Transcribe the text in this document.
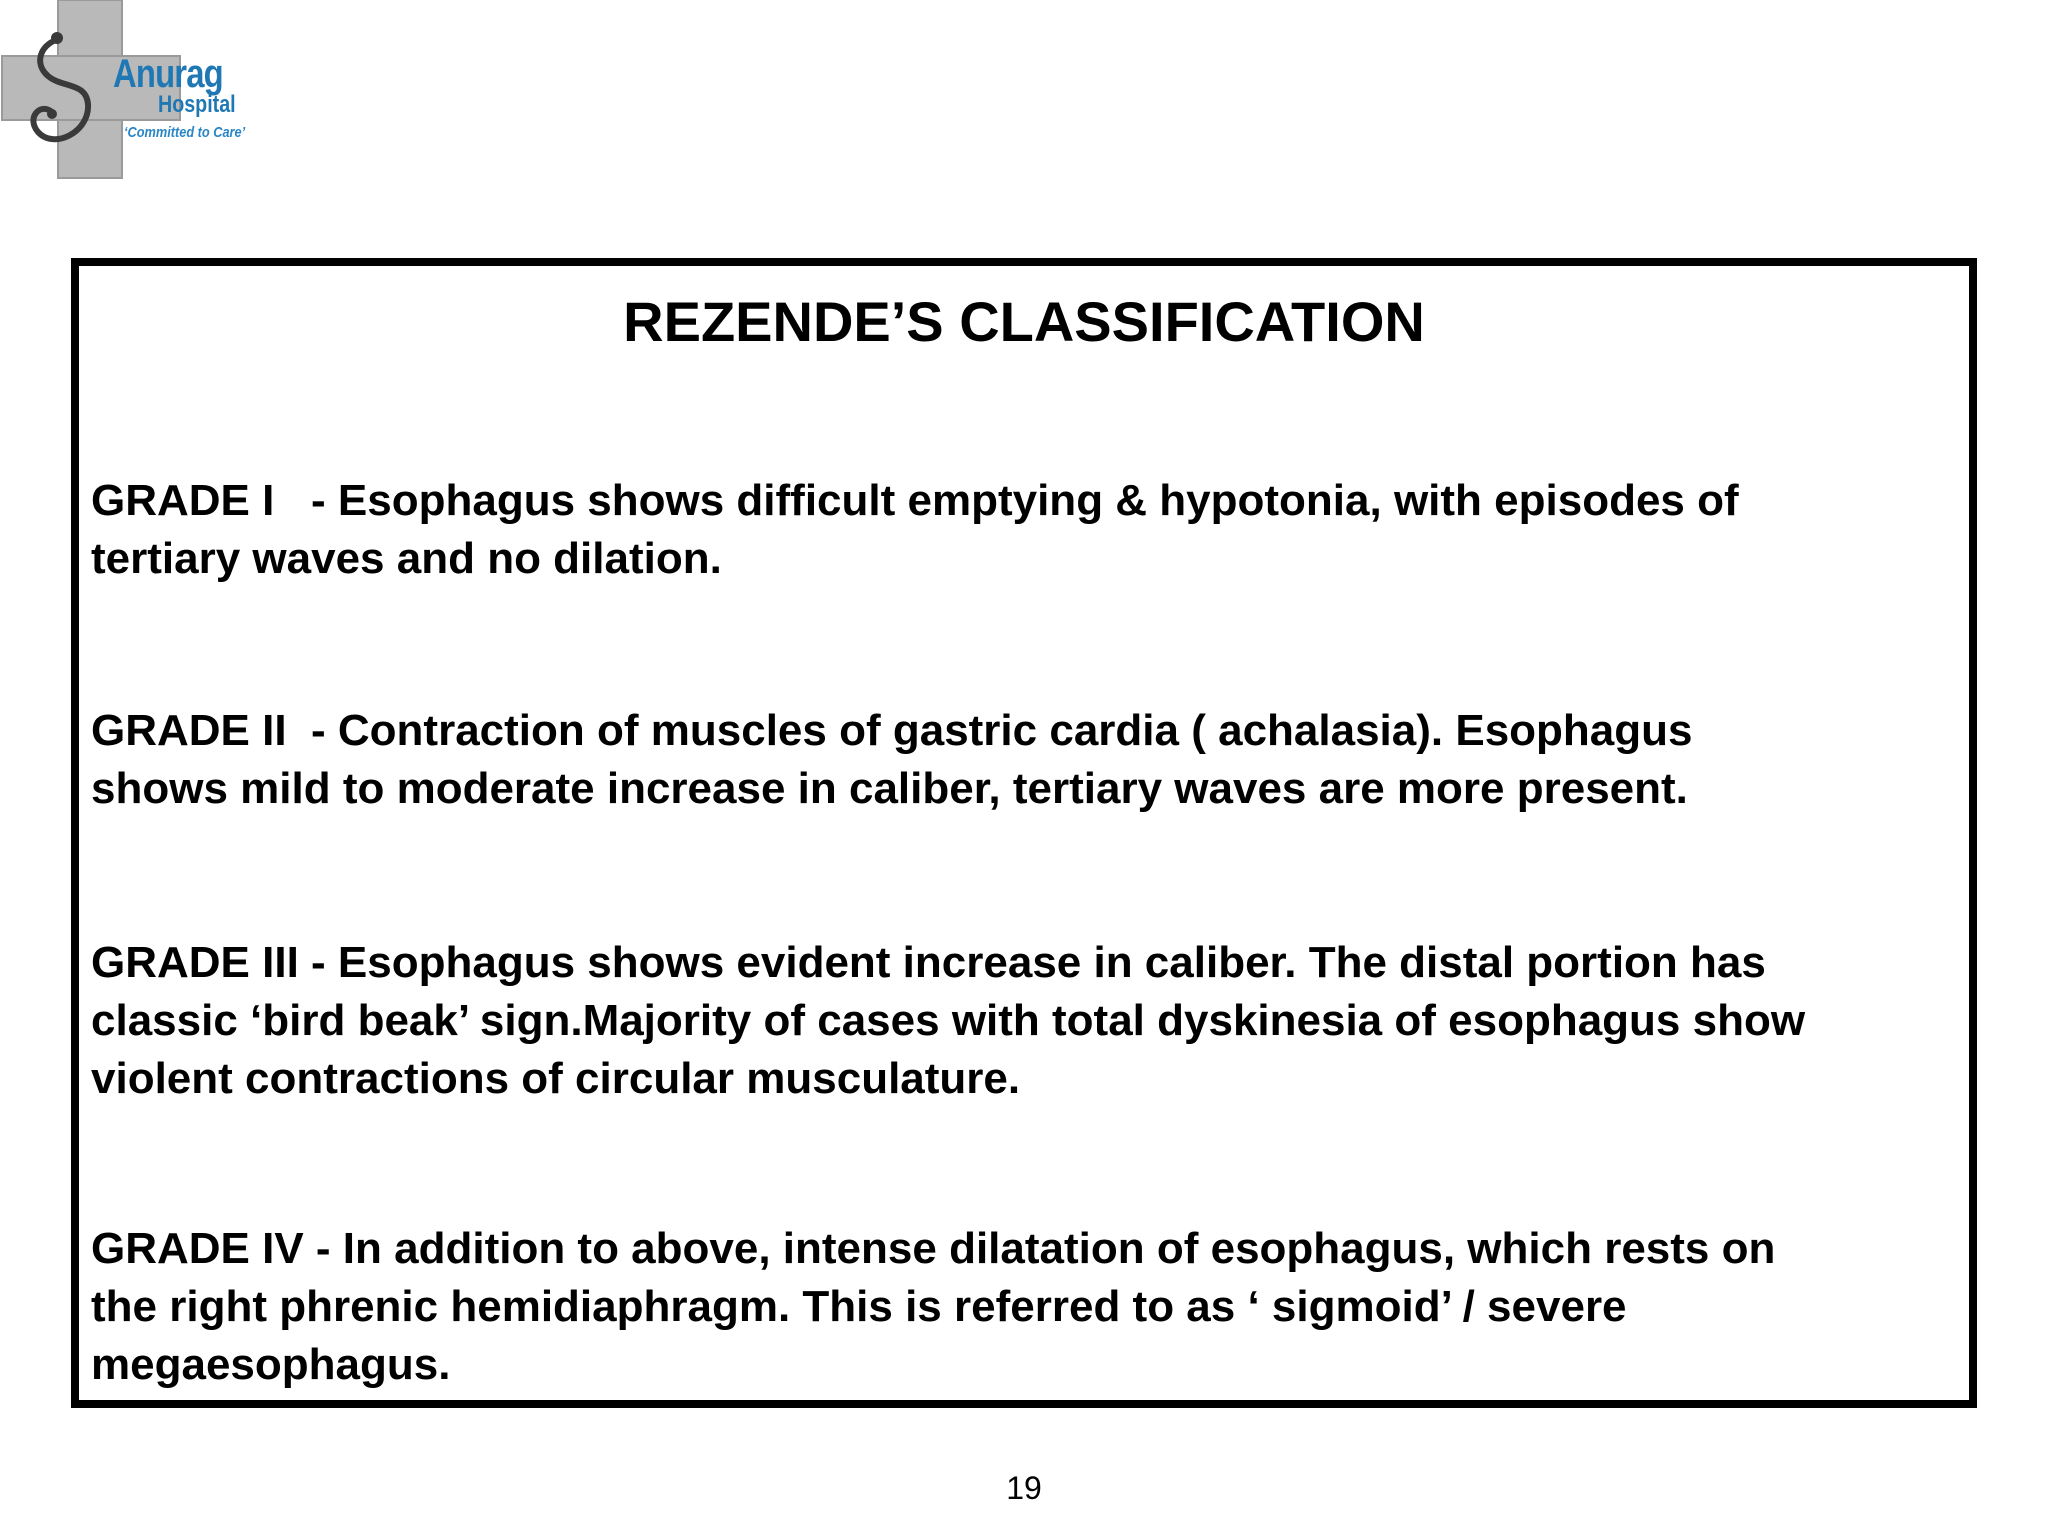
Anurag
Hospital
‘Committed to Care’
REZENDE’S CLASSIFICATION
GRADE I   - Esophagus shows difficult emptying & hypotonia, with episodes of
tertiary waves and no dilation.
GRADE II  - Contraction of muscles of gastric cardia ( achalasia). Esophagus
shows mild to moderate increase in caliber, tertiary waves are more present.
GRADE III - Esophagus shows evident increase in caliber. The distal portion has
classic ‘bird beak’ sign.Majority of cases with total dyskinesia of esophagus show
violent contractions of circular musculature.
GRADE IV - In addition to above, intense dilatation of esophagus, which rests on
the right phrenic hemidiaphragm. This is referred to as ‘ sigmoid’ / severe
megaesophagus.
19
